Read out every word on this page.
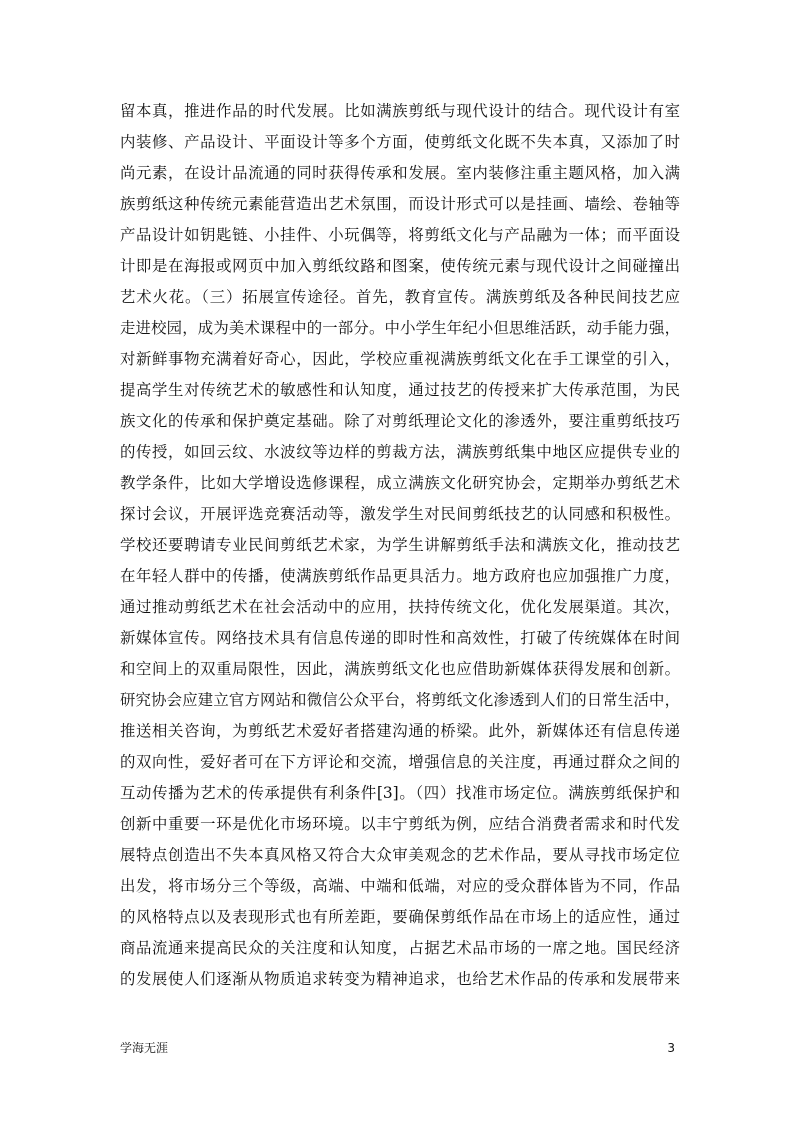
留本真，推进作品的时代发展。比如满族剪纸与现代设计的结合。现代设计有室
内装修、产品设计、平面设计等多个方面，使剪纸文化既不失本真，又添加了时
尚元素，在设计品流通的同时获得传承和发展。室内装修注重主题风格，加入满
族剪纸这种传统元素能营造出艺术氛围，而设计形式可以是挂画、墙绘、卷轴等
产品设计如钥匙链、小挂件、小玩偶等，将剪纸文化与产品融为一体；而平面设
计即是在海报或网页中加入剪纸纹路和图案，使传统元素与现代设计之间碰撞出
艺术火花。（三）拓展宣传途径。首先，教育宣传。满族剪纸及各种民间技艺应
走进校园，成为美术课程中的一部分。中小学生年纪小但思维活跃，动手能力强，
对新鲜事物充满着好奇心，因此，学校应重视满族剪纸文化在手工课堂的引入，
提高学生对传统艺术的敏感性和认知度，通过技艺的传授来扩大传承范围，为民
族文化的传承和保护奠定基础。除了对剪纸理论文化的渗透外，要注重剪纸技巧
的传授，如回云纹、水波纹等边样的剪裁方法，满族剪纸集中地区应提供专业的
教学条件，比如大学增设选修课程，成立满族文化研究协会，定期举办剪纸艺术
探讨会议，开展评选竞赛活动等，激发学生对民间剪纸技艺的认同感和积极性。
学校还要聘请专业民间剪纸艺术家，为学生讲解剪纸手法和满族文化，推动技艺
在年轻人群中的传播，使满族剪纸作品更具活力。地方政府也应加强推广力度，
通过推动剪纸艺术在社会活动中的应用，扶持传统文化，优化发展渠道。其次，
新媒体宣传。网络技术具有信息传递的即时性和高效性，打破了传统媒体在时间
和空间上的双重局限性，因此，满族剪纸文化也应借助新媒体获得发展和创新。
研究协会应建立官方网站和微信公众平台，将剪纸文化渗透到人们的日常生活中，
推送相关咨询，为剪纸艺术爱好者搭建沟通的桥梁。此外，新媒体还有信息传递
的双向性，爱好者可在下方评论和交流，增强信息的关注度，再通过群众之间的
互动传播为艺术的传承提供有利条件[3]。（四）找准市场定位。满族剪纸保护和
创新中重要一环是优化市场环境。以丰宁剪纸为例，应结合消费者需求和时代发
展特点创造出不失本真风格又符合大众审美观念的艺术作品，要从寻找市场定位
出发，将市场分三个等级，高端、中端和低端，对应的受众群体皆为不同，作品
的风格特点以及表现形式也有所差距，要确保剪纸作品在市场上的适应性，通过
商品流通来提高民众的关注度和认知度，占据艺术品市场的一席之地。国民经济
的发展使人们逐渐从物质追求转变为精神追求，也给艺术作品的传承和发展带来
学海无涯	3
